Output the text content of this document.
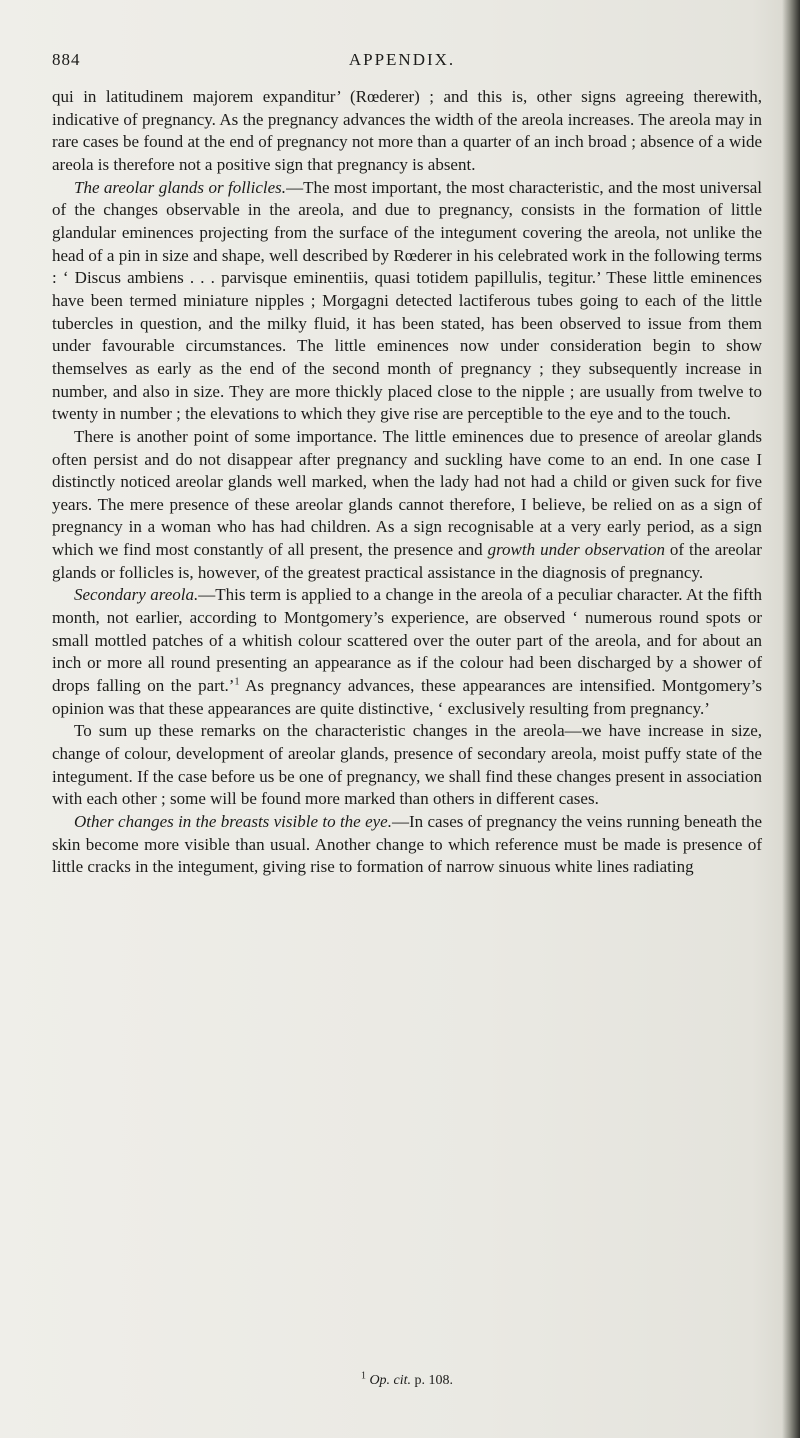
884	APPENDIX.

qui in latitudinem majorem expanditur’ (Rœderer) ; and this is, other signs agreeing therewith, indicative of pregnancy. As the pregnancy advances the width of the areola increases. The areola may in rare cases be found at the end of pregnancy not more than a quarter of an inch broad ; absence of a wide areola is therefore not a positive sign that pregnancy is absent.

The areolar glands or follicles.—The most important, the most characteristic, and the most universal of the changes observable in the areola, and due to pregnancy, consists in the formation of little glandular eminences projecting from the surface of the integument covering the areola, not unlike the head of a pin in size and shape, well described by Rœderer in his celebrated work in the following terms : ‘ Discus ambiens . . . parvisque eminentiis, quasi totidem papillulis, tegitur.’ These little eminences have been termed miniature nipples ; Morgagni detected lactiferous tubes going to each of the little tubercles in question, and the milky fluid, it has been stated, has been observed to issue from them under favourable circumstances. The little eminences now under consideration begin to show themselves as early as the end of the second month of pregnancy ; they subsequently increase in number, and also in size. They are more thickly placed close to the nipple ; are usually from twelve to twenty in number ; the elevations to which they give rise are perceptible to the eye and to the touch.

There is another point of some importance. The little eminences due to presence of areolar glands often persist and do not disappear after pregnancy and suckling have come to an end. In one case I distinctly noticed areolar glands well marked, when the lady had not had a child or given suck for five years. The mere presence of these areolar glands cannot therefore, I believe, be relied on as a sign of pregnancy in a woman who has had children. As a sign recognisable at a very early period, as a sign which we find most constantly of all present, the presence and growth under observation of the areolar glands or follicles is, however, of the greatest practical assistance in the diagnosis of pregnancy.

Secondary areola.—This term is applied to a change in the areola of a peculiar character. At the fifth month, not earlier, according to Montgomery’s experience, are observed ‘ numerous round spots or small mottled patches of a whitish colour scattered over the outer part of the areola, and for about an inch or more all round presenting an appearance as if the colour had been discharged by a shower of drops falling on the part.’$^1$ As pregnancy advances, these appearances are intensified. Montgomery’s opinion was that these appearances are quite distinctive, ‘ exclusively resulting from pregnancy.’

To sum up these remarks on the characteristic changes in the areola—we have increase in size, change of colour, development of areolar glands, presence of secondary areola, moist puffy state of the integument. If the case before us be one of pregnancy, we shall find these changes present in association with each other ; some will be found more marked than others in different cases.

Other changes in the breasts visible to the eye.—In cases of pregnancy the veins running beneath the skin become more visible than usual. Another change to which reference must be made is presence of little cracks in the integument, giving rise to formation of narrow sinuous white lines radiating

$^1$ Op. cit. p. 108.
